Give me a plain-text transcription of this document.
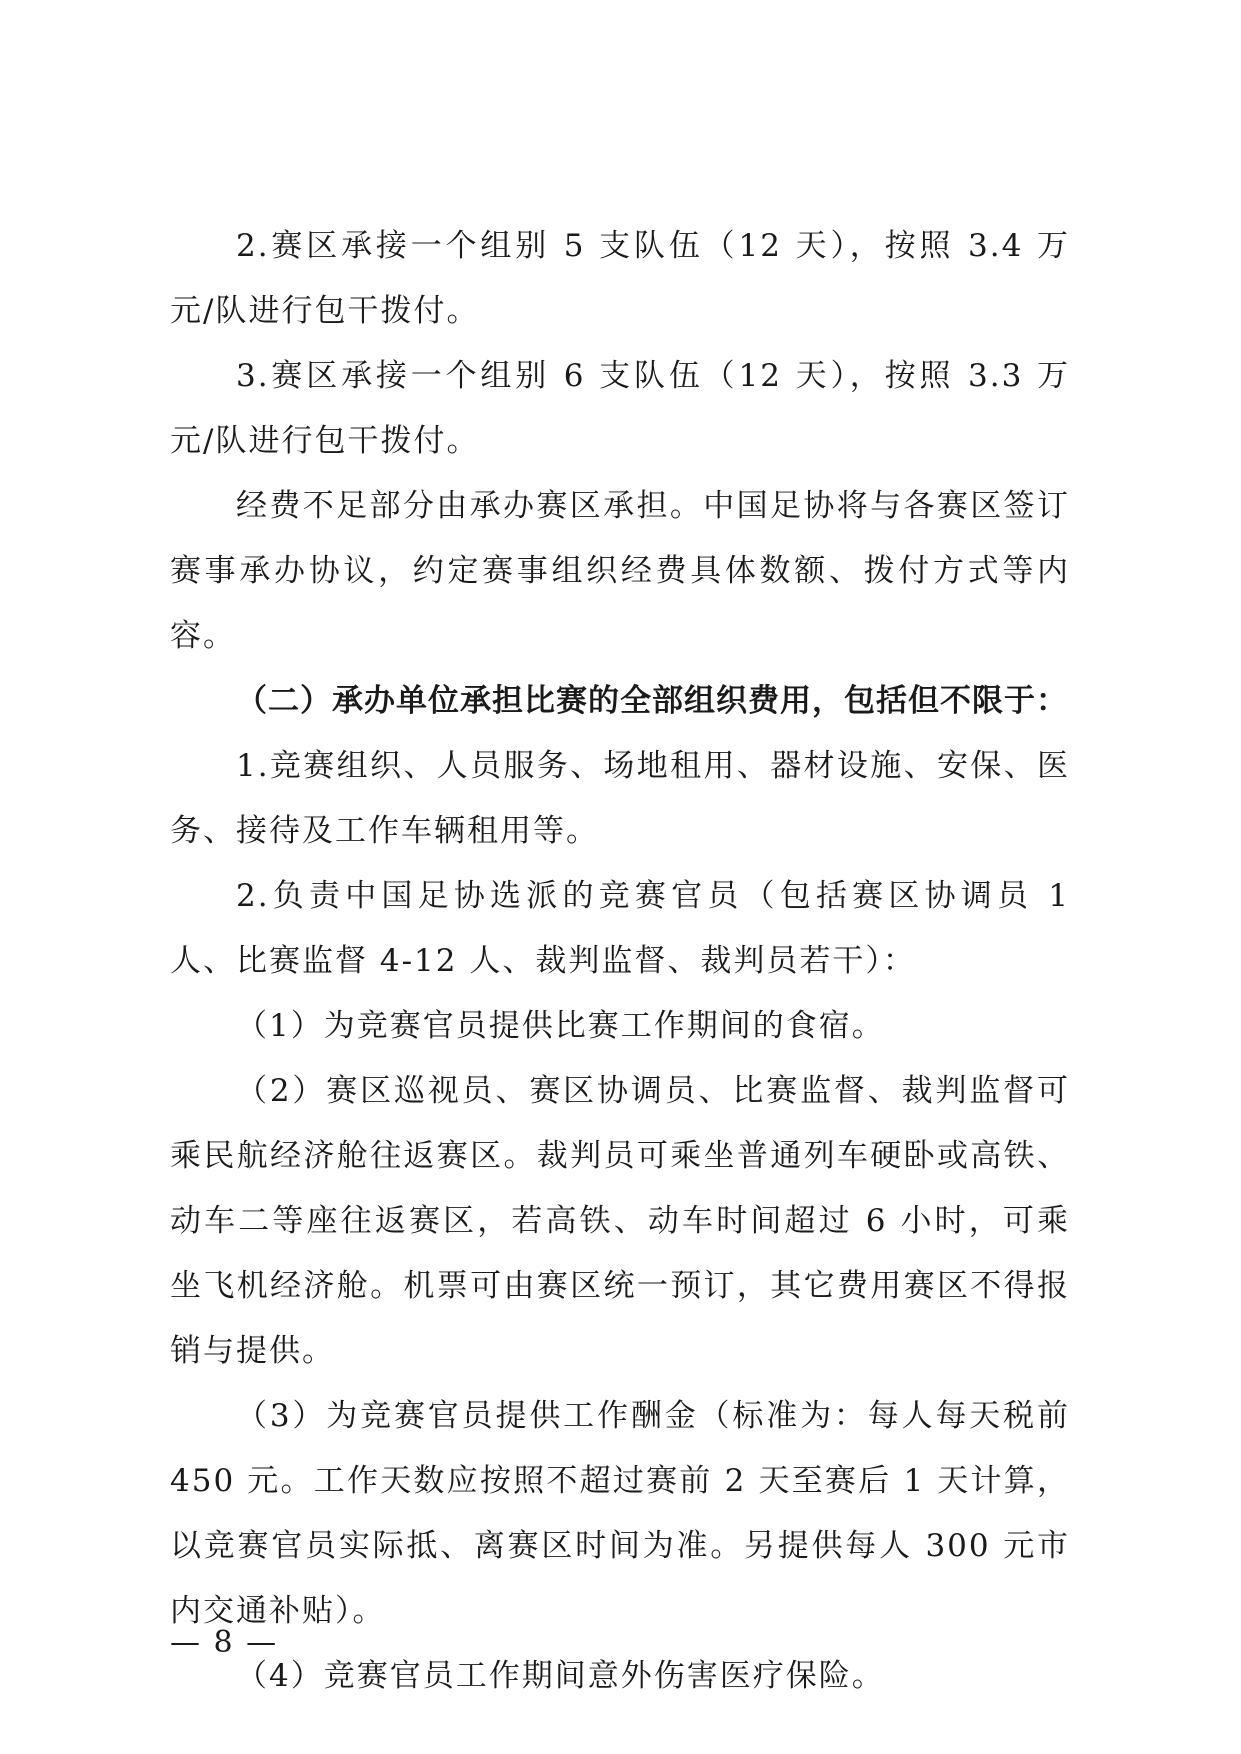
2.赛区承接一个组别 5 支队伍（12 天），按照 3.4 万元/队进行包干拨付。

3.赛区承接一个组别 6 支队伍（12 天），按照 3.3 万元/队进行包干拨付。

经费不足部分由承办赛区承担。中国足协将与各赛区签订赛事承办协议，约定赛事组织经费具体数额、拨付方式等内容。

（二）承办单位承担比赛的全部组织费用，包括但不限于：

1.竞赛组织、人员服务、场地租用、器材设施、安保、医务、接待及工作车辆租用等。

2.负责中国足协选派的竞赛官员（包括赛区协调员 1 人、比赛监督 4-12 人、裁判监督、裁判员若干）：

（1）为竞赛官员提供比赛工作期间的食宿。

（2）赛区巡视员、赛区协调员、比赛监督、裁判监督可乘民航经济舱往返赛区。裁判员可乘坐普通列车硬卧或高铁、动车二等座往返赛区，若高铁、动车时间超过 6 小时，可乘坐飞机经济舱。机票可由赛区统一预订，其它费用赛区不得报销与提供。

（3）为竞赛官员提供工作酬金（标准为：每人每天税前 450 元。工作天数应按照不超过赛前 2 天至赛后 1 天计算，以竞赛官员实际抵、离赛区时间为准。另提供每人 300 元市内交通补贴）。

（4）竞赛官员工作期间意外伤害医疗保险。

— 8 —
